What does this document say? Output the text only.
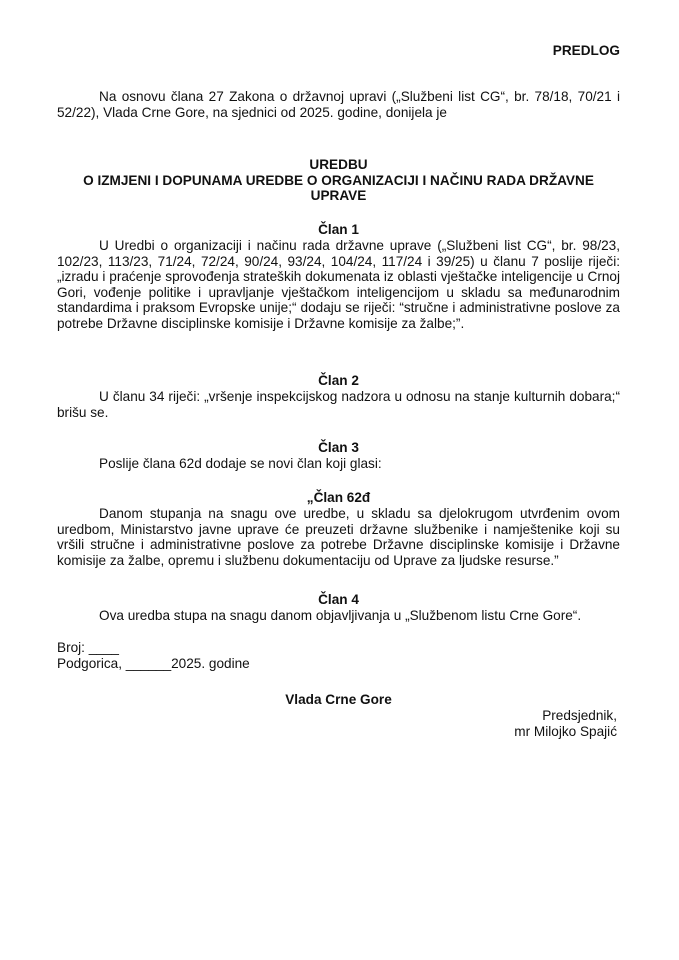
PREDLOG

Na osnovu člana 27 Zakona o državnoj upravi („Službeni list CG“, br. 78/18, 70/21 i 52/22), Vlada Crne Gore, na sjednici od 2025. godine, donijela je

UREDBU
O IZMJENI I DOPUNAMA UREDBE O ORGANIZACIJI I NAČINU RADA DRŽAVNE UPRAVE
Član 1

U Uredbi o organizaciji i načinu rada državne uprave („Službeni list CG“, br. 98/23, 102/23, 113/23, 71/24, 72/24, 90/24, 93/24, 104/24, 117/24 i 39/25) u članu 7 poslije riječi: „izradu i praćenje sprovođenja strateških dokumenata iz oblasti vještačke inteligencije u Crnoj Gori, vođenje politike i upravljanje vještačkom inteligencijom u skladu sa međunarodnim standardima i praksom Evropske unije;“ dodaju se riječi: “stručne i administrativne poslove za potrebe Državne disciplinske komisije i Državne komisije za žalbe;”.

Član 2

U članu 34 riječi: „vršenje inspekcijskog nadzora u odnosu na stanje kulturnih dobara;“ brišu se.

Član 3

Poslije člana 62d dodaje se novi član koji glasi:

„Član 62đ

Danom stupanja na snagu ove uredbe, u skladu sa djelokrugom utvrđenim ovom uredbom, Ministarstvo javne uprave će preuzeti državne službenike i namještenike koji su vršili stručne i administrativne poslove za potrebe Državne disciplinske komisije i Državne komisije za žalbe, opremu i službenu dokumentaciju od Uprave za ljudske resurse.”

Član 4

Ova uredba stupa na snagu danom objavljivanja u „Službenom listu Crne Gore“.

Broj: ____
Podgorica, ______2025. godine
Vlada Crne Gore
Predsjednik,
mr Milojko Spajić
